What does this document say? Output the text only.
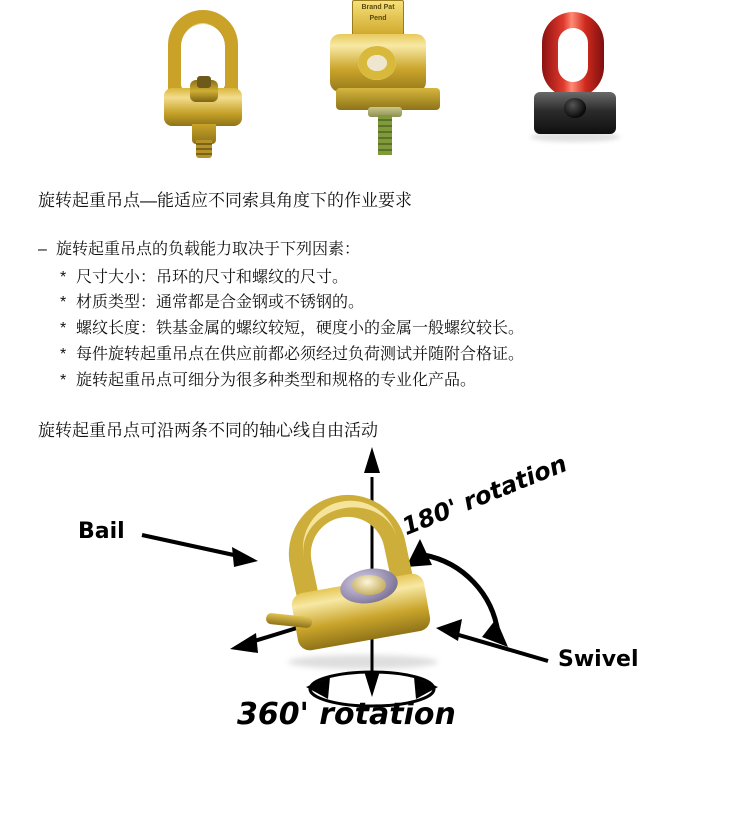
Brand Pat Pend
旋转起重吊点—能适应不同索具角度下的作业要求
– 旋转起重吊点的负载能力取决于下列因素：
* 尺寸大小：吊环的尺寸和螺纹的尺寸。
* 材质类型：通常都是合金钢或不锈钢的。
* 螺纹长度：铁基金属的螺纹较短，硬度小的金属一般螺纹较长。
* 每件旋转起重吊点在供应前都必须经过负荷测试并随附合格证。
* 旋转起重吊点可细分为很多种类型和规格的专业化产品。
旋转起重吊点可沿两条不同的轴心线自由活动
Bail
Swivel
180' rotation
360' rotation
